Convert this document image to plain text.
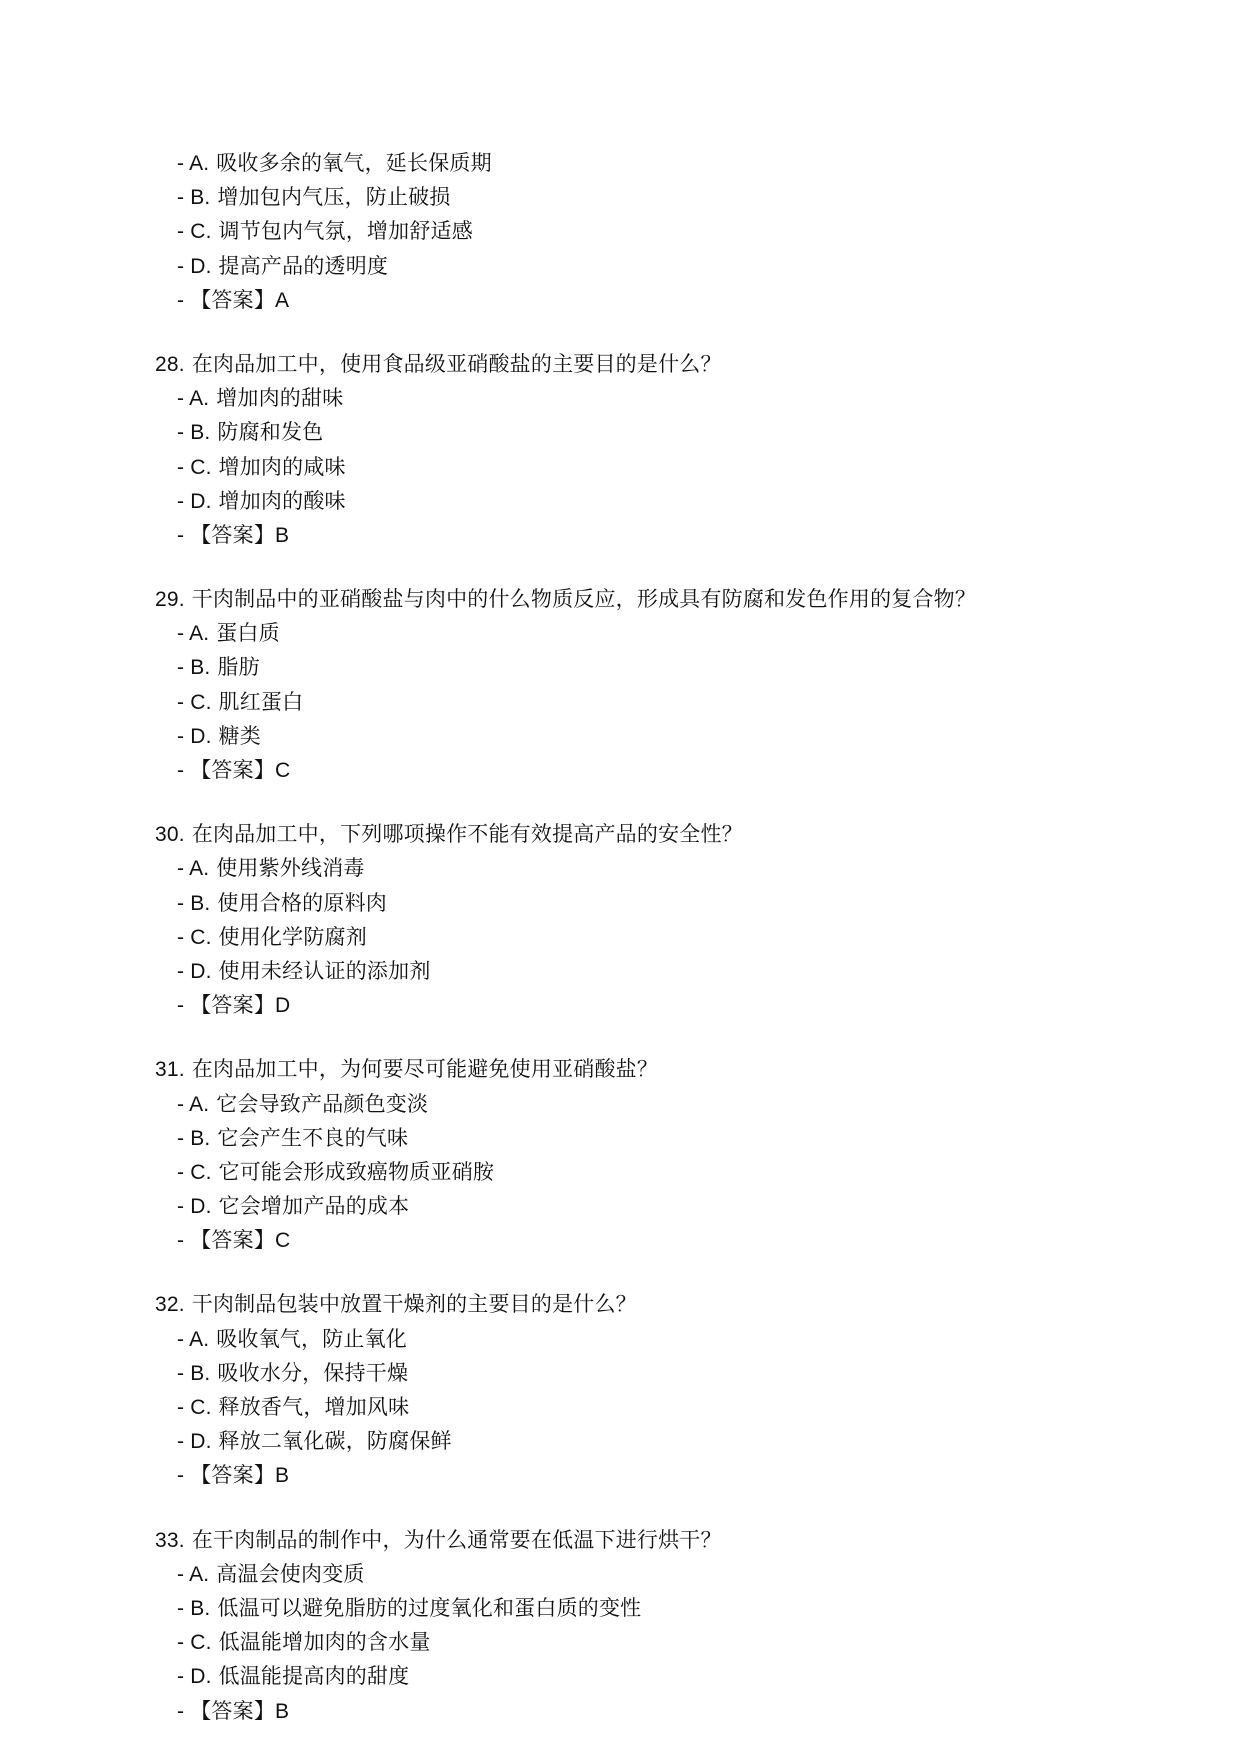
- A. 吸收多余的氧气，延长保质期
- B. 增加包内气压，防止破损
- C. 调节包内气氛，增加舒适感
- D. 提高产品的透明度
- 【答案】A
28. 在肉品加工中，使用食品级亚硝酸盐的主要目的是什么？
- A. 增加肉的甜味
- B. 防腐和发色
- C. 增加肉的咸味
- D. 增加肉的酸味
- 【答案】B
29. 干肉制品中的亚硝酸盐与肉中的什么物质反应，形成具有防腐和发色作用的复合物？
- A. 蛋白质
- B. 脂肪
- C. 肌红蛋白
- D. 糖类
- 【答案】C
30. 在肉品加工中，下列哪项操作不能有效提高产品的安全性？
- A. 使用紫外线消毒
- B. 使用合格的原料肉
- C. 使用化学防腐剂
- D. 使用未经认证的添加剂
- 【答案】D
31. 在肉品加工中，为何要尽可能避免使用亚硝酸盐？
- A. 它会导致产品颜色变淡
- B. 它会产生不良的气味
- C. 它可能会形成致癌物质亚硝胺
- D. 它会增加产品的成本
- 【答案】C
32. 干肉制品包装中放置干燥剂的主要目的是什么？
- A. 吸收氧气，防止氧化
- B. 吸收水分，保持干燥
- C. 释放香气，增加风味
- D. 释放二氧化碳，防腐保鲜
- 【答案】B
33. 在干肉制品的制作中，为什么通常要在低温下进行烘干？
- A. 高温会使肉变质
- B. 低温可以避免脂肪的过度氧化和蛋白质的变性
- C. 低温能增加肉的含水量
- D. 低温能提高肉的甜度
- 【答案】B
